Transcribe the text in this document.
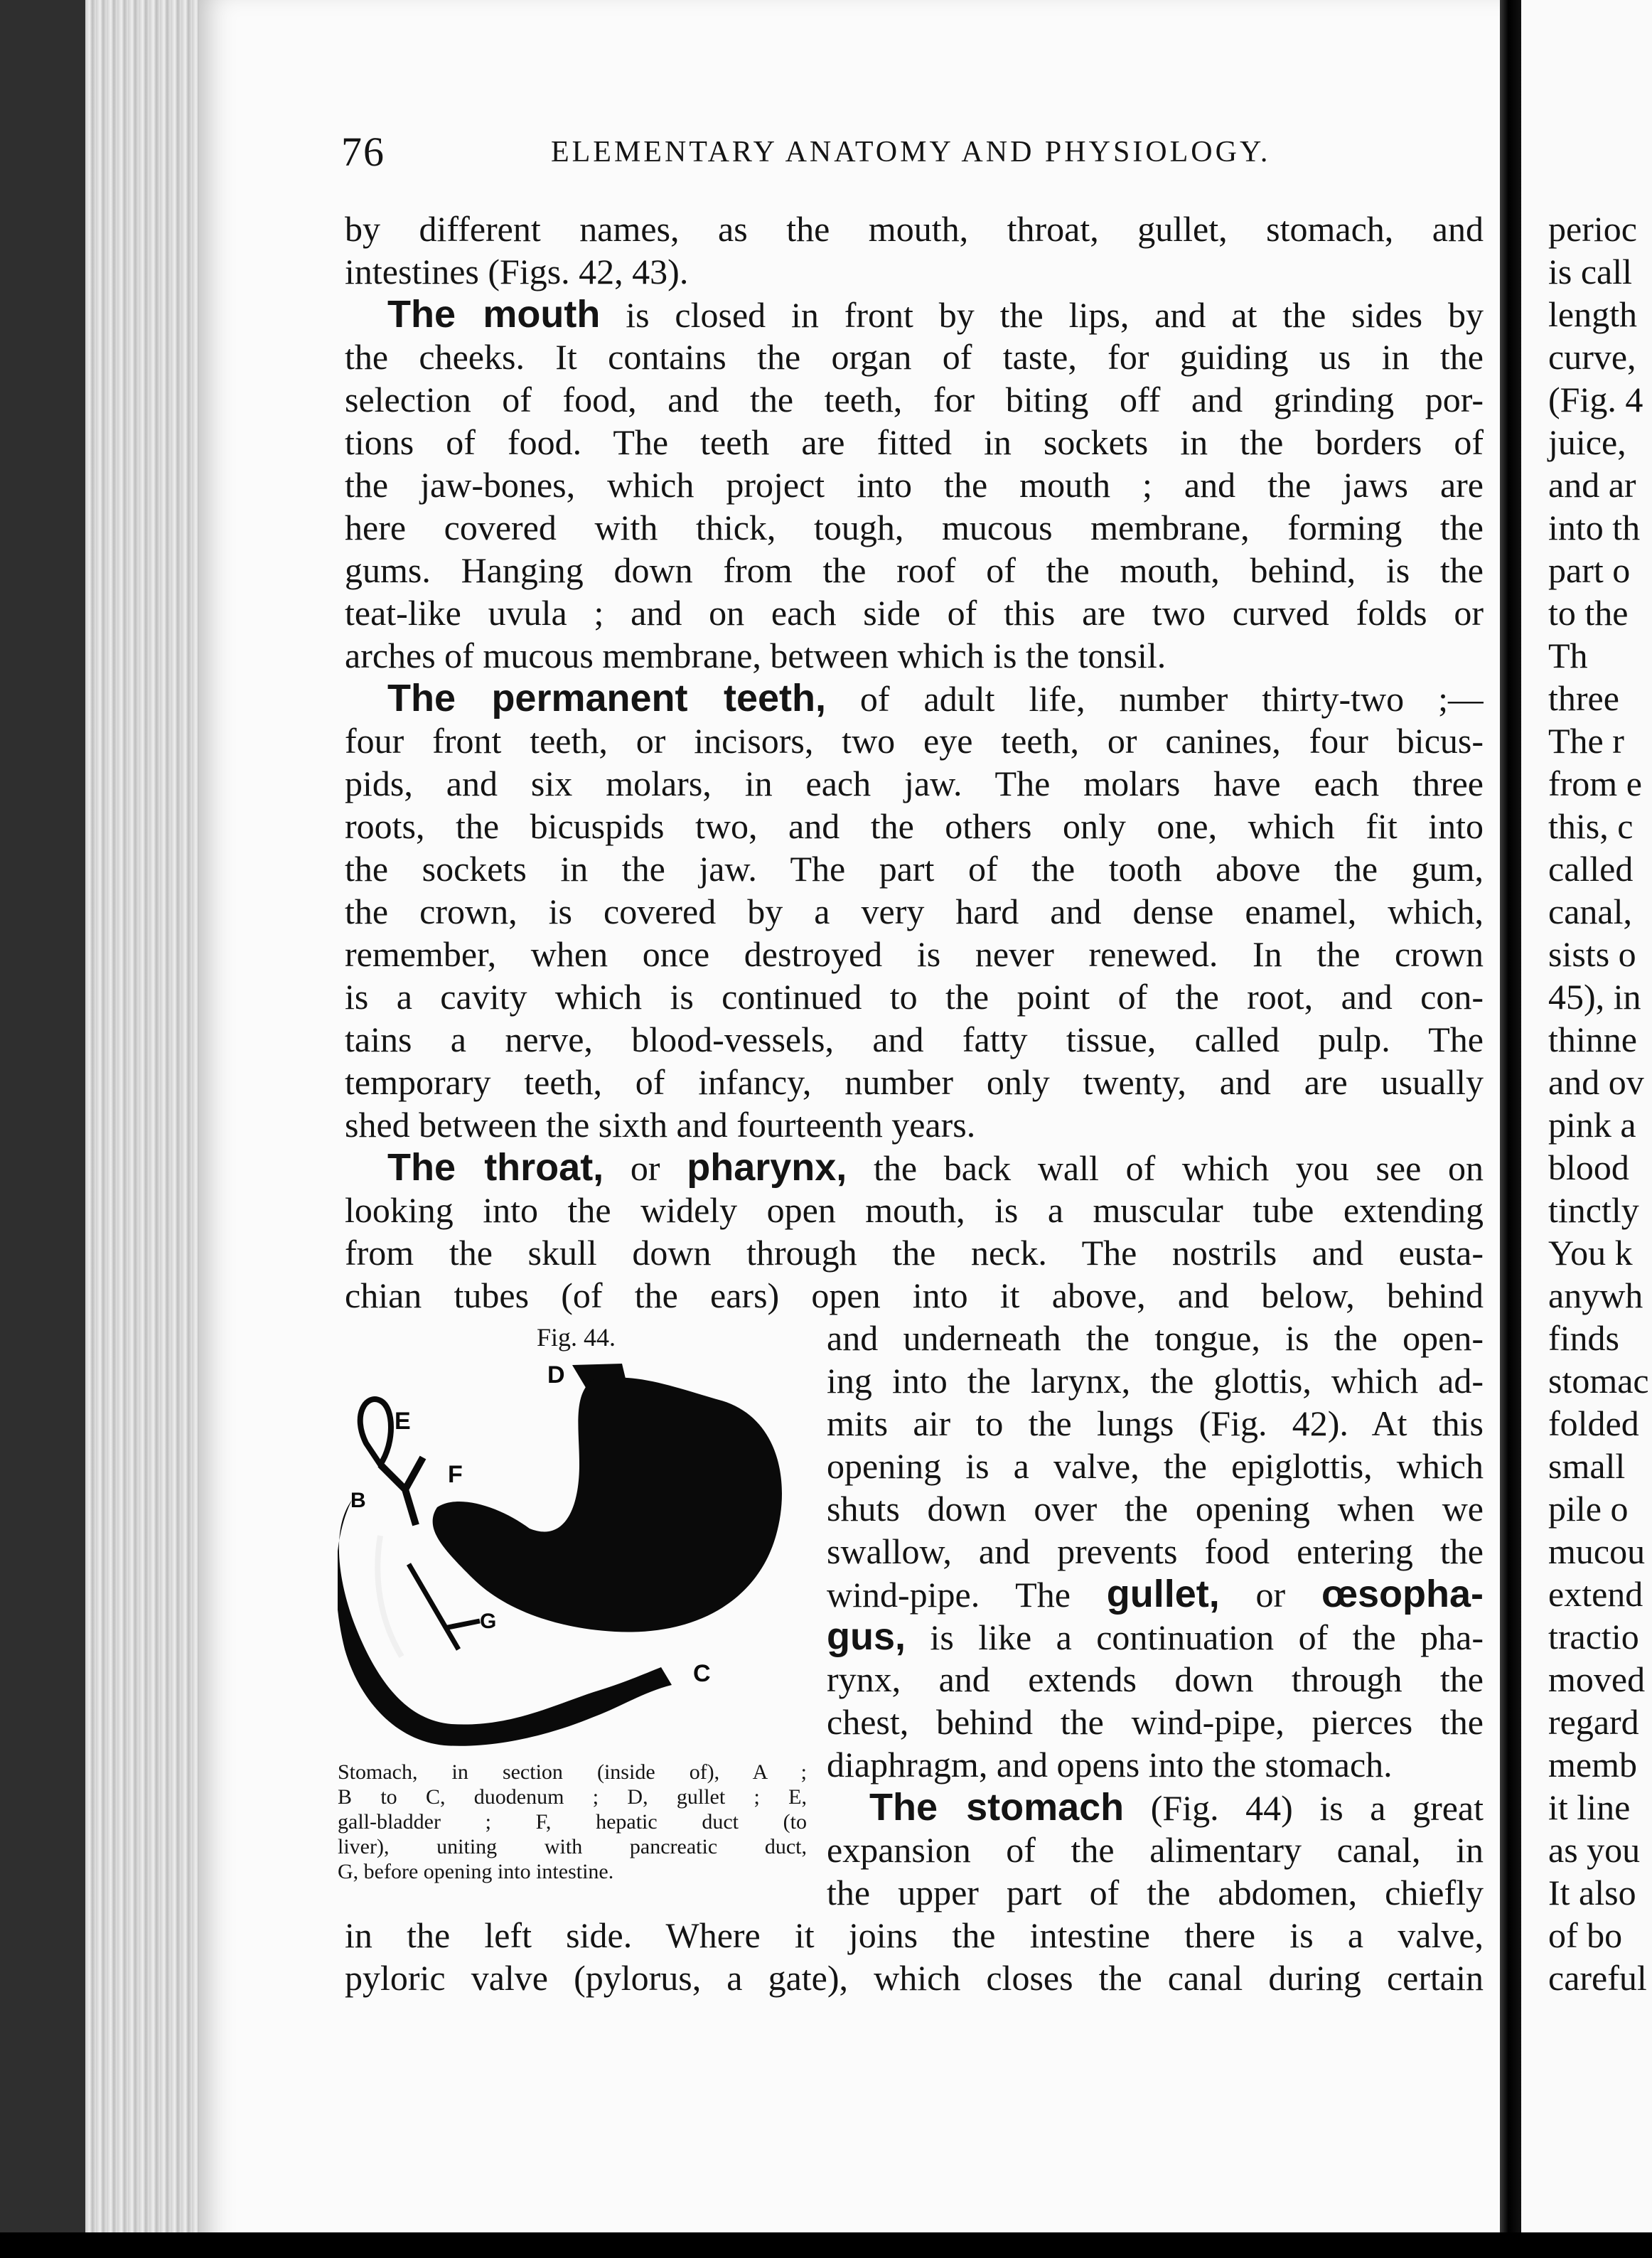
perioc
is call
length
curve,
(Fig. 4
juice,
and ar
into th
part o
to the
Th
three
The r
from e
this, c
called
canal,
sists o
45), in
thinne
and ov
pink a
blood
tinctly
You k
anywh
finds
stomac
folded
small
pile o
mucou
extend
tractio
moved
regard
memb
it line
as you
It also
of bo
careful
76	ELEMENTARY ANATOMY AND PHYSIOLOGY.
by different names, as the mouth, throat, gullet, stomach, and
intestines (Figs. 42, 43).
The mouth is closed in front by the lips, and at the sides by
the cheeks. It contains the organ of taste, for guiding us in the
selection of food, and the teeth, for biting off and grinding por-
tions of food. The teeth are fitted in sockets in the borders of
the jaw-bones, which project into the mouth ; and the jaws are
here covered with thick, tough, mucous membrane, forming the
gums. Hanging down from the roof of the mouth, behind, is the
teat-like uvula ; and on each side of this are two curved folds or
arches of mucous membrane, between which is the tonsil.
The permanent teeth, of adult life, number thirty-two ;—
four front teeth, or incisors, two eye teeth, or canines, four bicus-
pids, and six molars, in each jaw. The molars have each three
roots, the bicuspids two, and the others only one, which fit into
the sockets in the jaw. The part of the tooth above the gum,
the crown, is covered by a very hard and dense enamel, which,
remember, when once destroyed is never renewed. In the crown
is a cavity which is continued to the point of the root, and con-
tains a nerve, blood-vessels, and fatty tissue, called pulp. The
temporary teeth, of infancy, number only twenty, and are usually
shed between the sixth and fourteenth years.
The throat, or pharynx, the back wall of which you see on
looking into the widely open mouth, is a muscular tube extending
from the skull down through the neck. The nostrils and eusta-
chian tubes (of the ears) open into it above, and below, behind
and underneath the tongue, is the open-
ing into the larynx, the glottis, which ad-
mits air to the lungs (Fig. 42). At this
opening is a valve, the epiglottis, which
shuts down over the opening when we
swallow, and prevents food entering the
wind-pipe. The gullet, or œsopha-
gus, is like a continuation of the pha-
rynx, and extends down through the
chest, behind the wind-pipe, pierces the
diaphragm, and opens into the stomach.
The stomach (Fig. 44) is a great
expansion of the alimentary canal, in
the upper part of the abdomen, chiefly
in the left side. Where it joins the intestine there is a valve,
pyloric valve (pylorus, a gate), which closes the canal during certain
Fig. 44.
D
E
F
B
G
C
Stomach, in section (inside of), A ;
B to C, duodenum ; D, gullet ; E,
gall-bladder ; F, hepatic duct (to
liver), uniting with pancreatic duct,
G, before opening into intestine.
